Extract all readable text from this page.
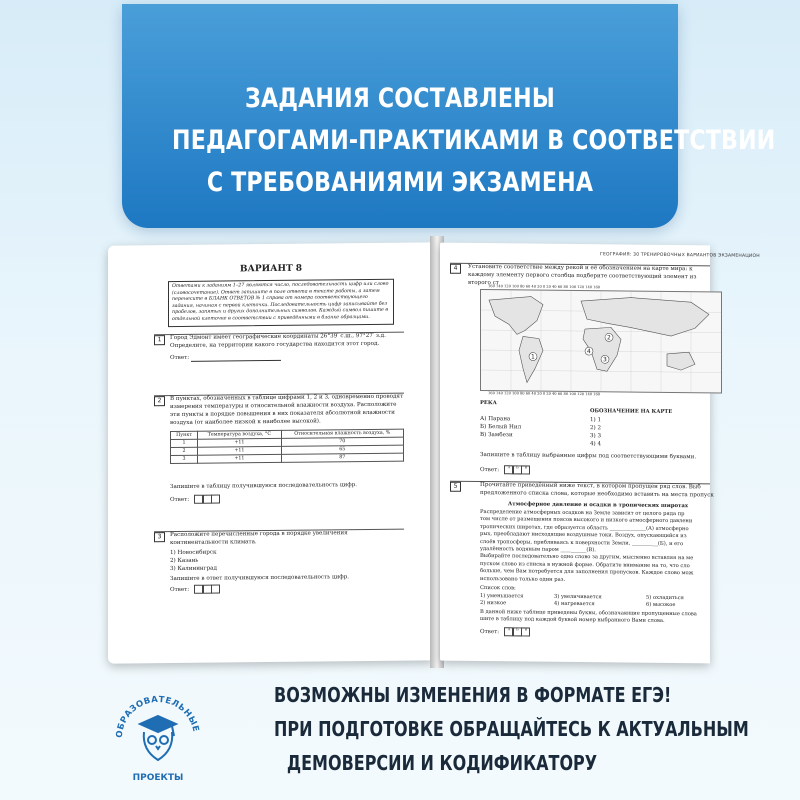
ЗАДАНИЯ СОСТАВЛЕНЫ
ПЕДАГОГАМИ-ПРАКТИКАМИ В СООТВЕТСТВИИ
С ТРЕБОВАНИЯМИ ЭКЗАМЕНА
ВАРИАНТ 8
Ответами к заданиям 1–27 являются число, последовательность цифр или слово (словосочетание). Ответ запишите в поле ответа в тексте работы, а затем перенесите в БЛАНК ОТВЕТОВ № 1 справа от номера соответствующего задания, начиная с первой клеточки. Последовательность цифр записывайте без пробелов, запятых и других дополнительных символов. Каждый символ пишите в отдельной клеточке в соответствии с приведёнными в бланке образцами.
1	Город Эдмонт имеет географические координаты 26°39′ с.ш., 97°27′ з.д. Определите, на территории какого государства находится этот город.
Ответ:
2	В пунктах, обозначенных в таблице цифрами 1, 2 и 3, одновременно проводят измерения температуры и относительной влажности воздуха. Расположите эти пункты в порядке повышения в них показателя абсолютной влажности воздуха (от наиболее низкой к наиболее высокой).
Пункт	Температура воздуха, °С	Относительная влажность воздуха, %
1	+11	70
2	+11	65
3	+11	87
Запишите в таблицу получившуюся последовательность цифр.
Ответ:
3	Расположите перечисленные города в порядке увеличения континентальности климата.
1) Новосибирск
2) Казань
3) Калининград
Запишите в ответ получившуюся последовательность цифр.
Ответ:
ГЕОГРАФИЯ: 30 ТРЕНИРОВОЧНЫХ ВАРИАНТОВ ЭКЗАМЕНАЦИОН
4	Установите соответствие между рекой и её обозначением на карте мира: к каждому элементу первого столбца подберите соответствующий элемент из второго ст
160 140 120 100 80 60 40 20 0 20 40 60 80 100 120 140 160
1
2
3
4
160 140 120 100 80 60 40 20 0 20 40 60 80 100 120 140 160
РЕКА
ОБОЗНАЧЕНИЕ НА КАРТЕ
А) Парана
Б) Белый Нил
В) Замбези
1) 1
2) 2
3) 3
4) 4
Запишите в таблицу выбранные цифры под соответствующими буквами.
Ответ:	А	Б	В
5	Прочитайте приведённый ниже текст, в котором пропущен ряд слов. Выб предложенного списка слова, которые необходимо вставить на места пропуск
Атмосферное давление и осадки в тропических широтах
Распределение атмосферных осадков на Земле зависит от целого ряда пр
том числе от размещения поясов высокого и низкого атмосферного давлени
тропических широтах, где образуется область ______________(А) атмосферно
рых, преобладают нисходящие воздушные токи. Воздух, опускающийся из
слоёв тропосферы, прибливаясь к поверхности Земли, __________(Б), и его
удалённость водяным паром __________(В).
Выбирайте последовательно одно слово за другим, мысленно вставляя на ме
пуском слово из списка в нужной форме. Обратите внимание на то, что сло
больше, чем Вам потребуется для заполнения пропусков. Каждое слово мож
использовано только один раз.
Список слов:
1) уменьшается	3) увеличивается	5) охладиться
2) низкое	4) нагревается	6) высокое
В данной ниже таблице приведены буквы, обозначающие пропущенные слова
шите в таблицу под каждой буквой номер выбранного Вами слова.
Ответ:	А	Б	В
ОБРАЗОВАТЕЛЬНЫЕ
ПРОЕКТЫ
ВОЗМОЖНЫ ИЗМЕНЕНИЯ В ФОРМАТЕ ЕГЭ!
ПРИ ПОДГОТОВКЕ ОБРАЩАЙТЕСЬ К АКТУАЛЬНЫМ
ДЕМОВЕРСИИ И КОДИФИКАТОРУ
